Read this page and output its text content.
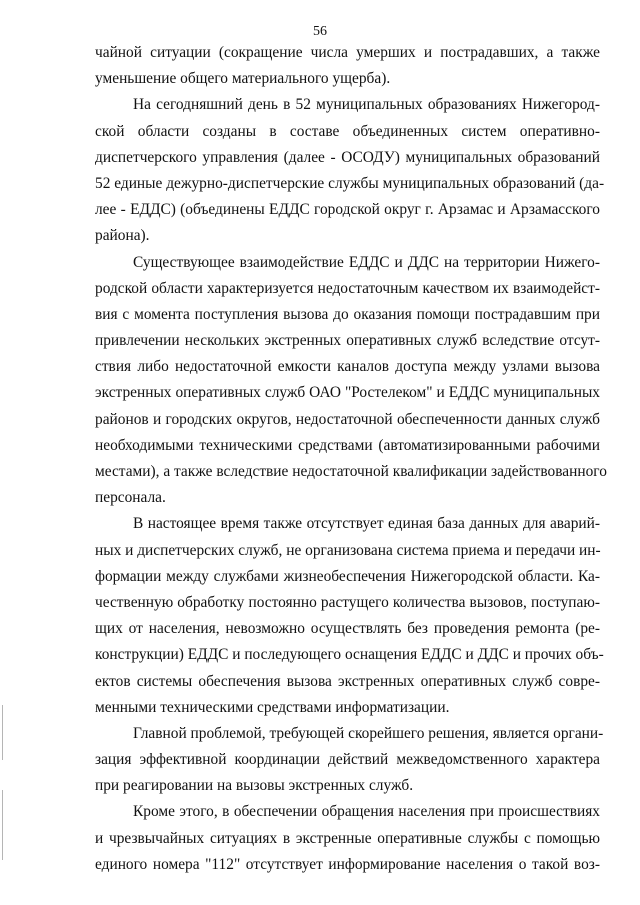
56
чайной ситуации (сокращение числа умерших и пострадавших, а также
уменьшение общего материального ущерба).
На сегодняшний день в 52 муниципальных образованиях Нижегород-
ской области созданы в составе объединенных систем оперативно-
диспетчерского управления (далее - ОСОДУ) муниципальных образований
52 единые дежурно-диспетчерские службы муниципальных образований (да-
лее - ЕДДС) (объединены ЕДДС городской округ г. Арзамас и Арзамасского
района).
Существующее взаимодействие ЕДДС и ДДС на территории Нижего-
родской области характеризуется недостаточным качеством их взаимодейст-
вия с момента поступления вызова до оказания помощи пострадавшим при
привлечении нескольких экстренных оперативных служб вследствие отсут-
ствия либо недостаточной емкости каналов доступа между узлами вызова
экстренных оперативных служб ОАО "Ростелеком" и ЕДДС муниципальных
районов и городских округов, недостаточной обеспеченности данных служб
необходимыми техническими средствами (автоматизированными рабочими
местами), а также вследствие недостаточной квалификации задействованного
персонала.
В настоящее время также отсутствует единая база данных для аварий-
ных и диспетчерских служб, не организована система приема и передачи ин-
формации между службами жизнеобеспечения Нижегородской области. Ка-
чественную обработку постоянно растущего количества вызовов, поступаю-
щих от населения, невозможно осуществлять без проведения ремонта (ре-
конструкции) ЕДДС и последующего оснащения ЕДДС и ДДС и прочих объ-
ектов системы обеспечения вызова экстренных оперативных служб совре-
менными техническими средствами информатизации.
Главной проблемой, требующей скорейшего решения, является органи-
зация эффективной координации действий межведомственного характера
при реагировании на вызовы экстренных служб.
Кроме этого, в обеспечении обращения населения при происшествиях
и чрезвычайных ситуациях в экстренные оперативные службы с помощью
единого номера "112" отсутствует информирование населения о такой воз-
